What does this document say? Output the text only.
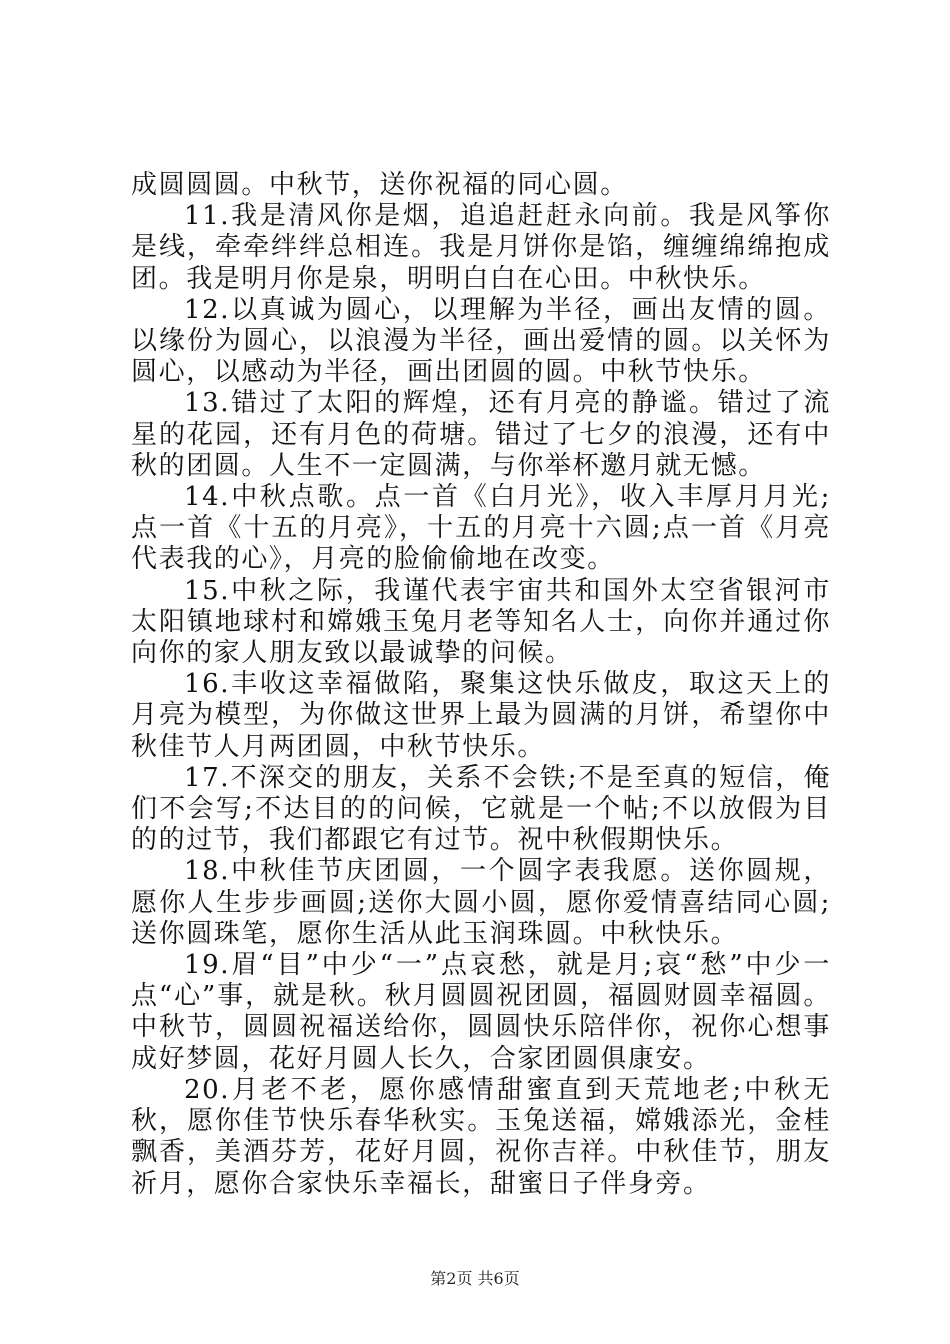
成圆圆圆。中秋节，送你祝福的同心圆。

11.我是清风你是烟，追追赶赶永向前。我是风筝你是线，牵牵绊绊总相连。我是月饼你是馅，缠缠绵绵抱成团。我是明月你是泉，明明白白在心田。中秋快乐。

12.以真诚为圆心，以理解为半径，画出友情的圆。以缘份为圆心，以浪漫为半径，画出爱情的圆。以关怀为圆心，以感动为半径，画出团圆的圆。中秋节快乐。

13.错过了太阳的辉煌，还有月亮的静谧。错过了流星的花园，还有月色的荷塘。错过了七夕的浪漫，还有中秋的团圆。人生不一定圆满，与你举杯邀月就无憾。

14.中秋点歌。点一首《白月光》，收入丰厚月月光;点一首《十五的月亮》，十五的月亮十六圆;点一首《月亮代表我的心》，月亮的脸偷偷地在改变。

15.中秋之际，我谨代表宇宙共和国外太空省银河市太阳镇地球村和嫦娥玉兔月老等知名人士，向你并通过你向你的家人朋友致以最诚挚的问候。

16.丰收这幸福做陷，聚集这快乐做皮，取这天上的月亮为模型，为你做这世界上最为圆满的月饼，希望你中秋佳节人月两团圆，中秋节快乐。

17.不深交的朋友，关系不会铁;不是至真的短信，俺们不会写;不达目的的问候，它就是一个帖;不以放假为目的的过节，我们都跟它有过节。祝中秋假期快乐。

18.中秋佳节庆团圆，一个圆字表我愿。送你圆规，愿你人生步步画圆;送你大圆小圆，愿你爱情喜结同心圆;送你圆珠笔，愿你生活从此玉润珠圆。中秋快乐。

19.眉“目”中少“一”点哀愁，就是月;哀“愁”中少一点“心”事，就是秋。秋月圆圆祝团圆，福圆财圆幸福圆。中秋节，圆圆祝福送给你，圆圆快乐陪伴你，祝你心想事成好梦圆，花好月圆人长久，合家团圆俱康安。

20.月老不老，愿你感情甜蜜直到天荒地老;中秋无秋，愿你佳节快乐春华秋实。玉兔送福，嫦娥添光，金桂飘香，美酒芬芳，花好月圆，祝你吉祥。中秋佳节，朋友祈月，愿你合家快乐幸福长，甜蜜日子伴身旁。

第2页 共6页
